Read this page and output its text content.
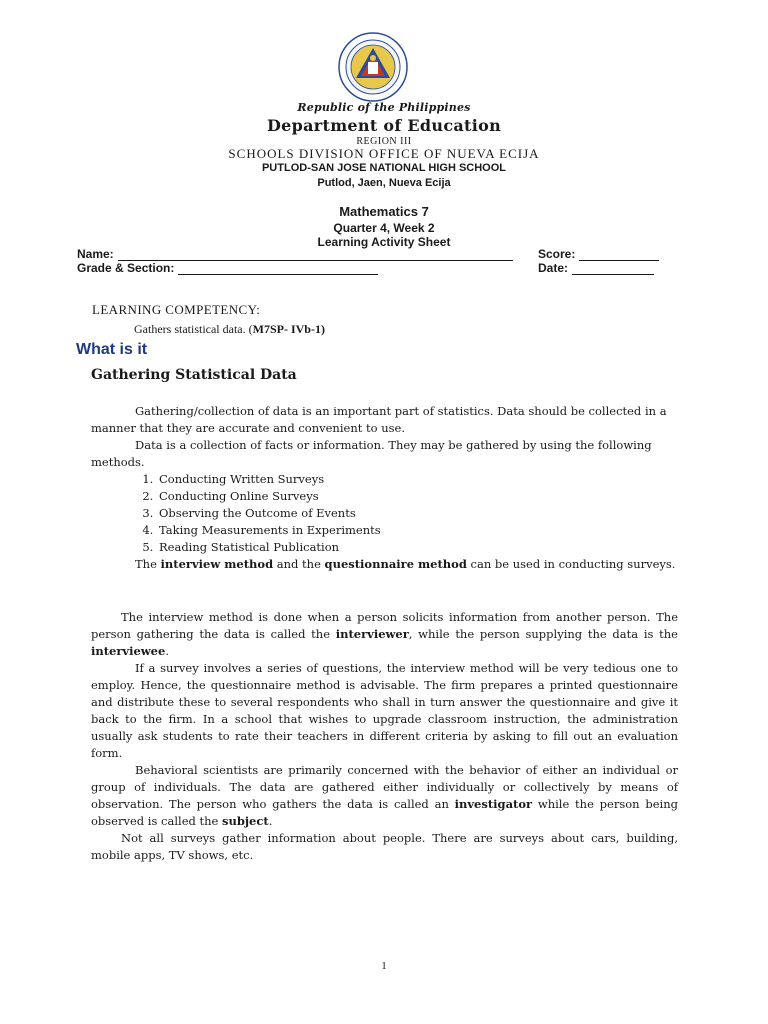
Republic of the Philippines
Department of Education
REGION III
SCHOOLS DIVISION OFFICE OF NUEVA ECIJA
PUTLOD-SAN JOSE NATIONAL HIGH SCHOOL
Putlod, Jaen, Nueva Ecija
Mathematics 7
Quarter 4, Week 2
Learning Activity Sheet
Name:	Score:
Grade & Section:	Date:
LEARNING COMPETENCY:
Gathers statistical data. (M7SP- IVb-1)
What is it
Gathering Statistical Data

Gathering/collection of data is an important part of statistics. Data should be collected in a manner that they are accurate and convenient to use.

Data is a collection of facts or information. They may be gathered by using the following methods.

1. Conducting Written Surveys
2. Conducting Online Surveys
3. Observing the Outcome of Events
4. Taking Measurements in Experiments
5. Reading Statistical Publication

The interview method and the questionnaire method can be used in conducting surveys.

The interview method is done when a person solicits information from another person. The person gathering the data is called the interviewer, while the person supplying the data is the interviewee.

If a survey involves a series of questions, the interview method will be very tedious one to employ. Hence, the questionnaire method is advisable. The firm prepares a printed questionnaire and distribute these to several respondents who shall in turn answer the questionnaire and give it back to the firm. In a school that wishes to upgrade classroom instruction, the administration usually ask students to rate their teachers in different criteria by asking to fill out an evaluation form.

Behavioral scientists are primarily concerned with the behavior of either an individual or group of individuals. The data are gathered either individually or collectively by means of observation. The person who gathers the data is called an investigator while the person being observed is called the subject.

Not all surveys gather information about people. There are surveys about cars, building, mobile apps, TV shows, etc.

1
